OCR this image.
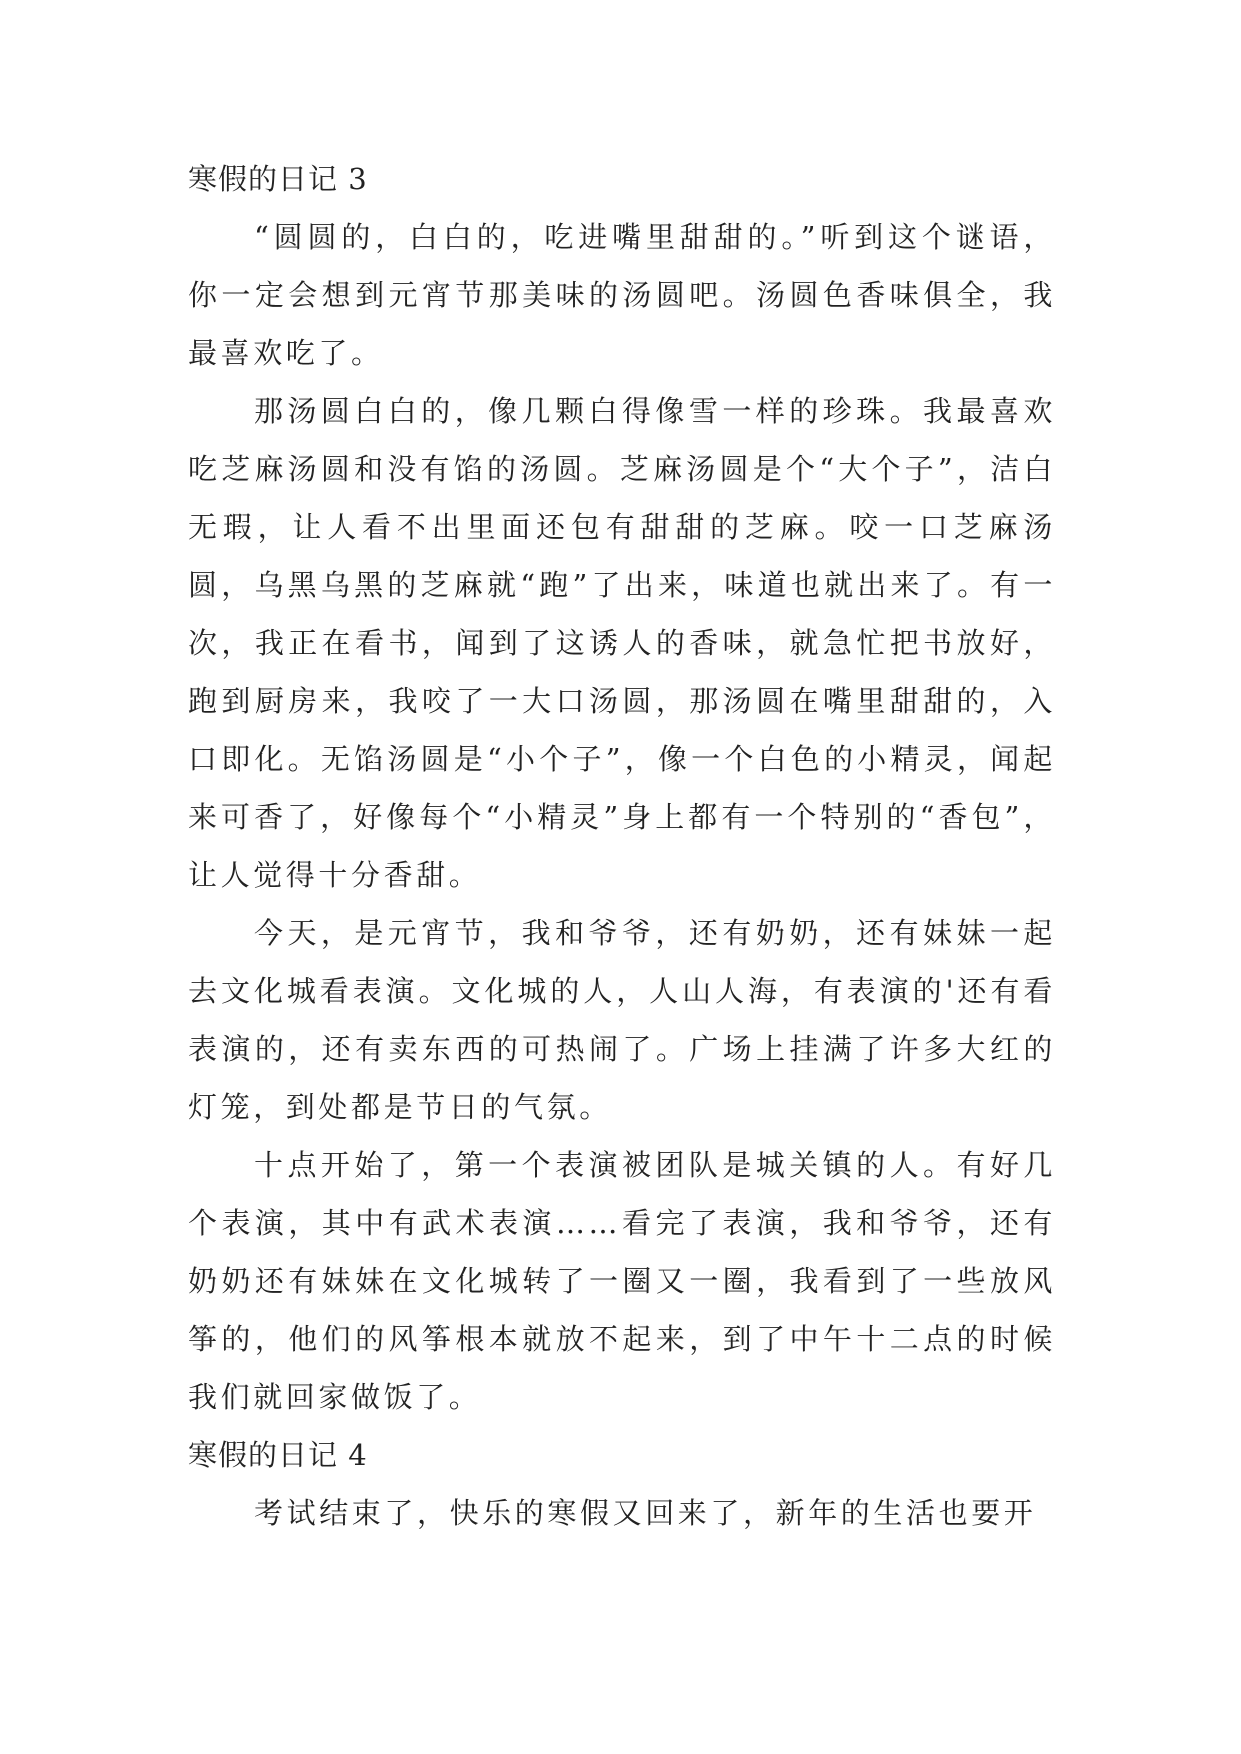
寒假的日记 3

“圆圆的，白白的，吃进嘴里甜甜的。”听到这个谜语，你一定会想到元宵节那美味的汤圆吧。汤圆色香味俱全，我最喜欢吃了。

那汤圆白白的，像几颗白得像雪一样的珍珠。我最喜欢吃芝麻汤圆和没有馅的汤圆。芝麻汤圆是个“大个子”，洁白无瑕，让人看不出里面还包有甜甜的芝麻。咬一口芝麻汤圆，乌黑乌黑的芝麻就“跑”了出来，味道也就出来了。有一次，我正在看书，闻到了这诱人的香味，就急忙把书放好，跑到厨房来，我咬了一大口汤圆，那汤圆在嘴里甜甜的，入口即化。无馅汤圆是“小个子”，像一个白色的小精灵，闻起来可香了，好像每个“小精灵”身上都有一个特别的“香包”，让人觉得十分香甜。

今天，是元宵节，我和爷爷，还有奶奶，还有妹妹一起去文化城看表演。文化城的人，人山人海，有表演的'还有看表演的，还有卖东西的可热闹了。广场上挂满了许多大红的灯笼，到处都是节日的气氛。

十点开始了，第一个表演被团队是城关镇的人。有好几个表演，其中有武术表演……看完了表演，我和爷爷，还有奶奶还有妹妹在文化城转了一圈又一圈，我看到了一些放风筝的，他们的风筝根本就放不起来，到了中午十二点的时候我们就回家做饭了。

寒假的日记 4

考试结束了，快乐的寒假又回来了，新年的生活也要开
